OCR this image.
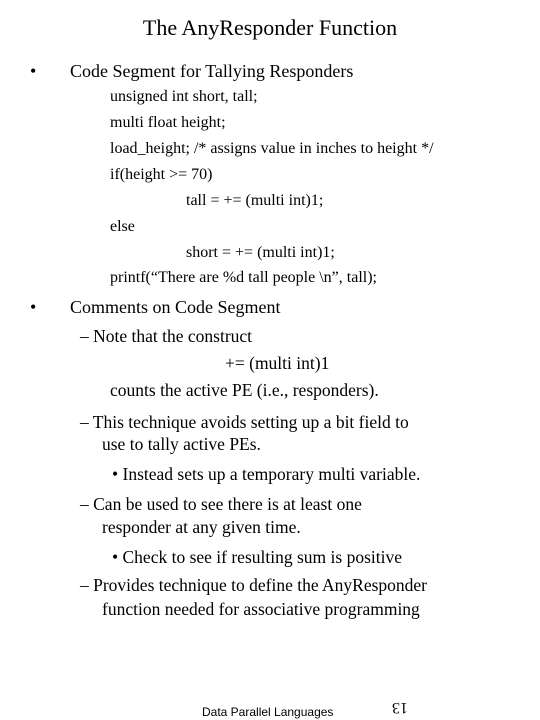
The AnyResponder Function
• Code Segment for Tallying Responders
unsigned int short, tall;
multi float height;
load_height; /* assigns value in inches to height */
if(height >= 70)
tall = += (multi int)1;
else
short = += (multi int)1;
printf(“There are %d tall people \n”, tall);
• Comments on Code Segment
– Note that the construct
+= (multi int)1
counts the active PE (i.e., responders).
– This technique avoids setting up a bit field to
use to tally active PEs.
• Instead sets up a temporary multi variable.
– Can be used to see there is at least one
responder at any given time.
• Check to see if resulting sum is positive
– Provides technique to define the AnyResponder
function needed for associative programming
Data Parallel Languages	13
